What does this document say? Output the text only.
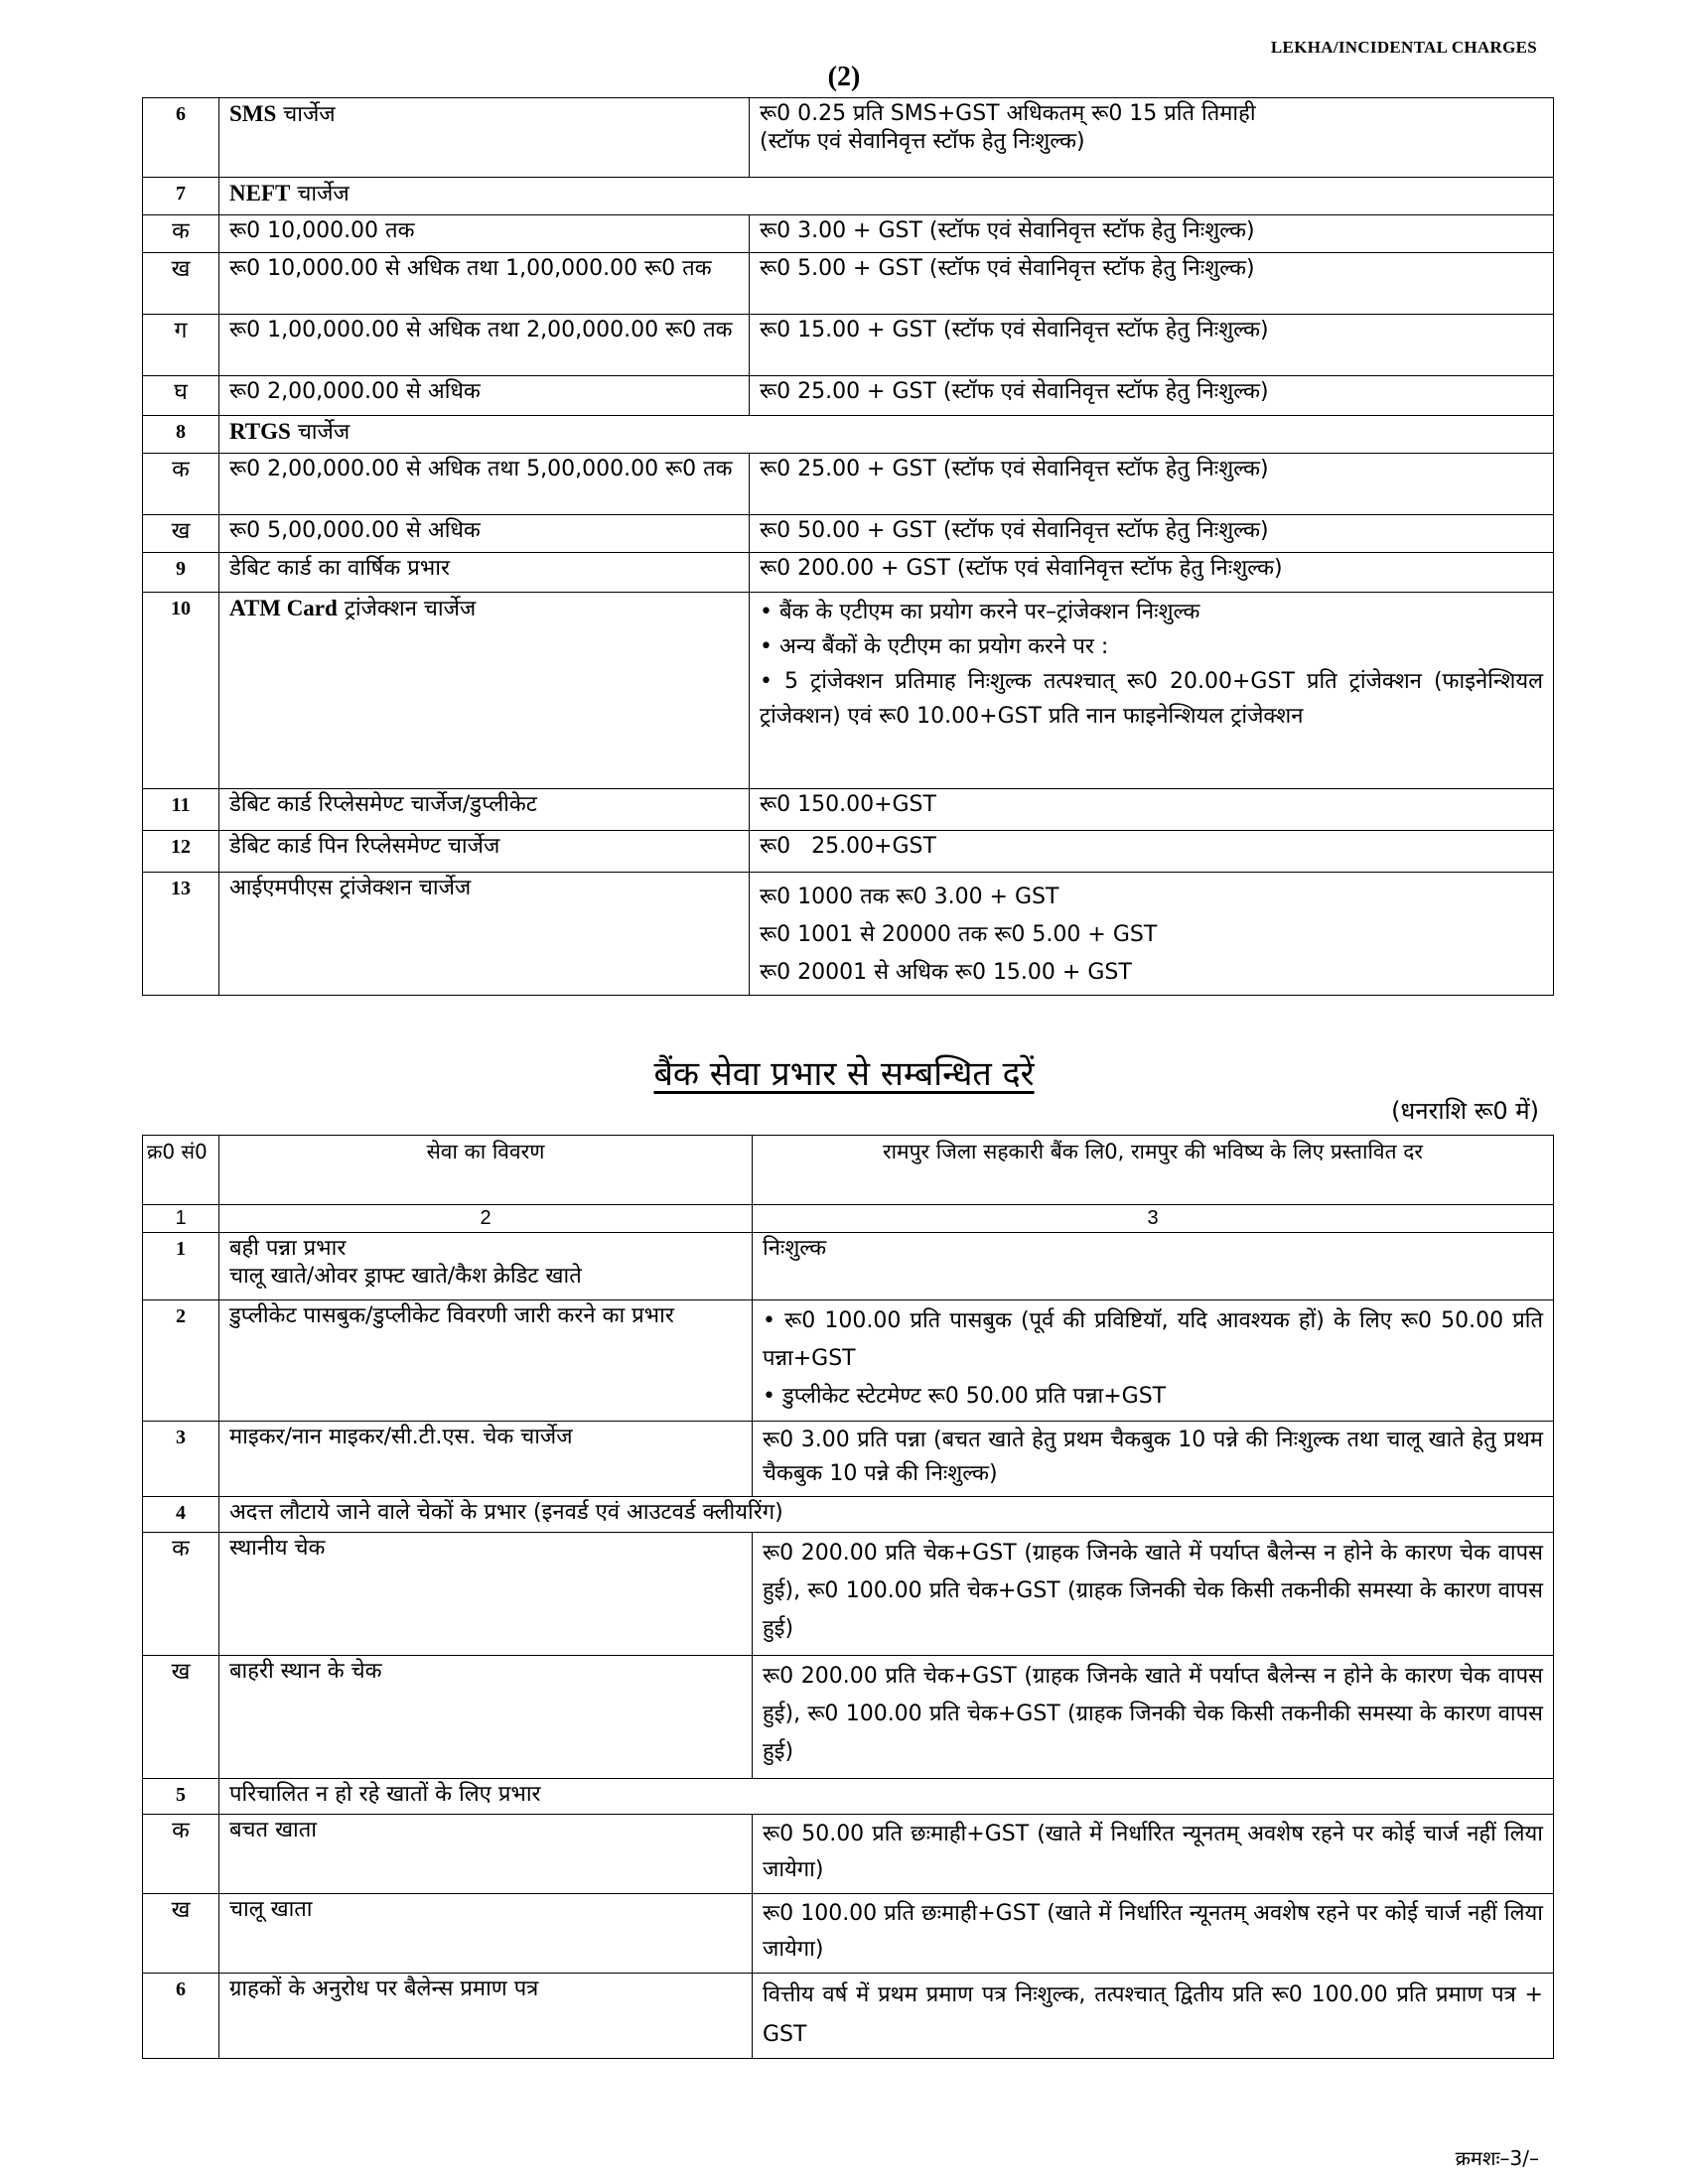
LEKHA/INCIDENTAL CHARGES
(2)
6	SMS चार्जेज	रू0 0.25 प्रति SMS+GST अधिकतम् रू0 15 प्रति तिमाही
(स्टॉफ एवं सेवानिवृत्त स्टॉफ हेतु निःशुल्क)

7	NEFT चार्जेज	
क	रू0 10,000.00 तक	रू0 3.00 + GST (स्टॉफ एवं सेवानिवृत्त स्टॉफ हेतु निःशुल्क)
ख	रू0 10,000.00 से अधिक तथा 1,00,000.00 रू0 तक	रू0 5.00 + GST (स्टॉफ एवं सेवानिवृत्त स्टॉफ हेतु निःशुल्क)
ग	रू0 1,00,000.00 से अधिक तथा 2,00,000.00 रू0 तक	रू0 15.00 + GST (स्टॉफ एवं सेवानिवृत्त स्टॉफ हेतु निःशुल्क)
घ	रू0 2,00,000.00 से अधिक	रू0 25.00 + GST (स्टॉफ एवं सेवानिवृत्त स्टॉफ हेतु निःशुल्क)
8	RTGS चार्जेज	
क	रू0 2,00,000.00 से अधिक तथा 5,00,000.00 रू0 तक	रू0 25.00 + GST (स्टॉफ एवं सेवानिवृत्त स्टॉफ हेतु निःशुल्क)
ख	रू0 5,00,000.00 से अधिक	रू0 50.00 + GST (स्टॉफ एवं सेवानिवृत्त स्टॉफ हेतु निःशुल्क)
9	डेबिट कार्ड का वार्षिक प्रभार	रू0 200.00 + GST (स्टॉफ एवं सेवानिवृत्त स्टॉफ हेतु निःशुल्क)
10	ATM Card ट्रांजेक्शन चार्जेज	• बैंक के एटीएम का प्रयोग करने पर–ट्रांजेक्शन निःशुल्क
• अन्य बैंकों के एटीएम का प्रयोग करने पर :
• 5 ट्रांजेक्शन प्रतिमाह निःशुल्क तत्पश्चात् रू0 20.00+GST प्रति ट्रांजेक्शन (फाइनेन्शियल ट्रांजेक्शन) एवं रू0 10.00+GST प्रति नान फाइनेन्शियल ट्रांजेक्शन

11	डेबिट कार्ड रिप्लेसमेण्ट चार्जेज/डुप्लीकेट	रू0 150.00+GST
12	डेबिट कार्ड पिन रिप्लेसमेण्ट चार्जेज	रू0   25.00+GST
13	आईएमपीएस ट्रांजेक्शन चार्जेज	रू0 1000 तक रू0 3.00 + GST
रू0 1001 से 20000 तक रू0 5.00 + GST
रू0 20001 से अधिक रू0 15.00 + GST
बैंक सेवा प्रभार से सम्बन्धित दरें
(धनराशि रू0 में)
क्र0 सं0	सेवा का विवरण	रामपुर जिला सहकारी बैंक लि0, रामपुर की भविष्य के लिए प्रस्तावित दर
1	2	3
1	बही पन्ना प्रभार
चालू खाते/ओवर ड्राफ्ट खाते/कैश क्रेडिट खाते	निःशुल्क
2	डुप्लीकेट पासबुक/डुप्लीकेट विवरणी जारी करने का प्रभार	• रू0 100.00 प्रति पासबुक (पूर्व की प्रविष्टियॉ, यदि आवश्यक हों) के लिए रू0 50.00 प्रति पन्ना+GST
• डुप्लीकेट स्टेटमेण्ट रू0 50.00 प्रति पन्ना+GST

3	माइकर/नान माइकर/सी.टी.एस. चेक चार्जेज	रू0 3.00 प्रति पन्ना (बचत खाते हेतु प्रथम चैकबुक 10 पन्ने की निःशुल्क तथा चालू खाते हेतु प्रथम चैकबुक 10 पन्ने की निःशुल्क)
4	अदत्त लौटाये जाने वाले चेकों के प्रभार (इनवर्ड एवं आउटवर्ड क्लीयरिंग)	
क	स्थानीय चेक	रू0 200.00 प्रति चेक+GST (ग्राहक जिनके खाते में पर्याप्त बैलेन्स न होने के कारण चेक वापस हुई), रू0 100.00 प्रति चेक+GST (ग्राहक जिनकी चेक किसी तकनीकी समस्या के कारण वापस हुई)
ख	बाहरी स्थान के चेक	रू0 200.00 प्रति चेक+GST (ग्राहक जिनके खाते में पर्याप्त बैलेन्स न होने के कारण चेक वापस हुई), रू0 100.00 प्रति चेक+GST (ग्राहक जिनकी चेक किसी तकनीकी समस्या के कारण वापस हुई)
5	परिचालित न हो रहे खातों के लिए प्रभार	
क	बचत खाता	रू0 50.00 प्रति छःमाही+GST (खाते में निर्धारित न्यूनतम् अवशेष रहने पर कोई चार्ज नहीं लिया जायेगा)
ख	चालू खाता	रू0 100.00 प्रति छःमाही+GST (खाते में निर्धारित न्यूनतम् अवशेष रहने पर कोई चार्ज नहीं लिया जायेगा)
6	ग्राहकों के अनुरोध पर बैलेन्स प्रमाण पत्र	वित्तीय वर्ष में प्रथम प्रमाण पत्र निःशुल्क, तत्पश्चात् द्वितीय प्रति रू0 100.00 प्रति प्रमाण पत्र + GST
क्रमशः–3/–
